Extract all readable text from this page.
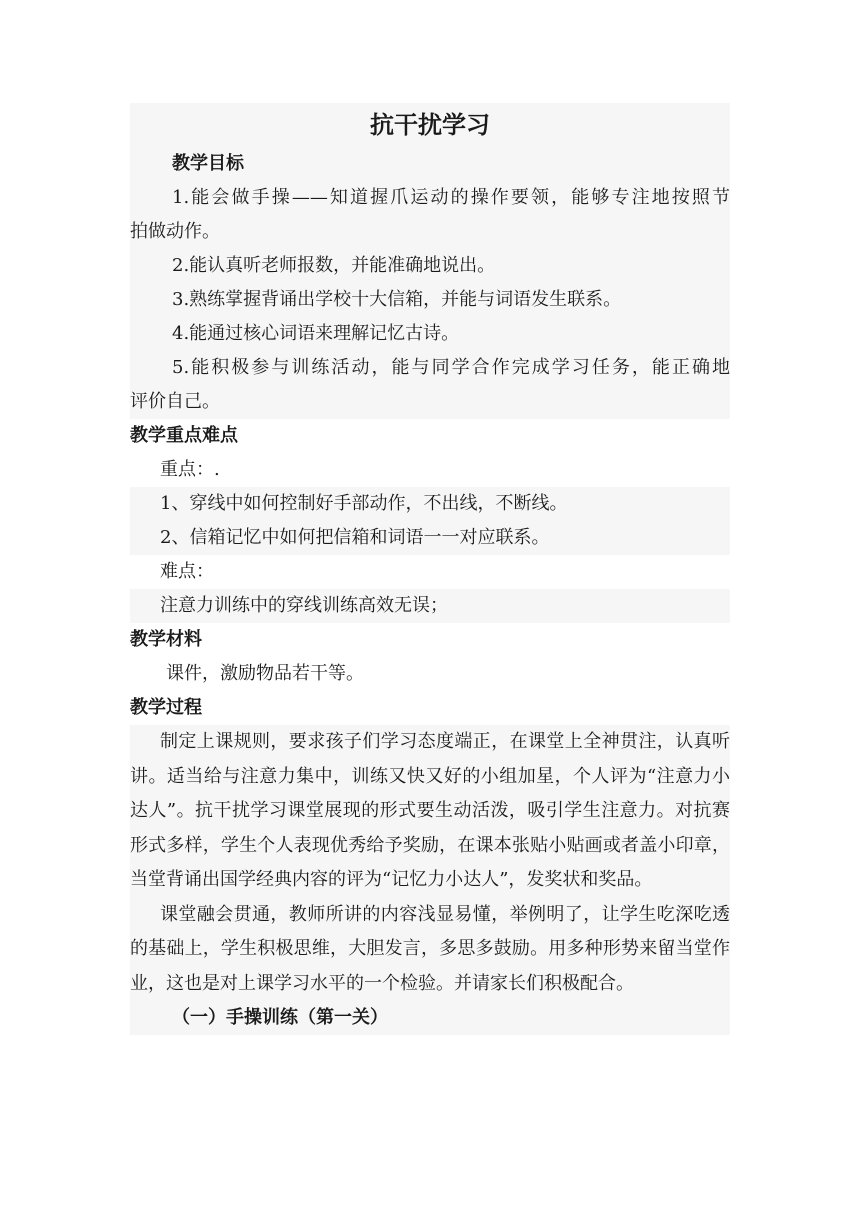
抗干扰学习
教学目标
1.能会做手操——知道握爪运动的操作要领，能够专注地按照节
拍做动作。
2.能认真听老师报数，并能准确地说出。
3.熟练掌握背诵出学校十大信箱，并能与词语发生联系。
4.能通过核心词语来理解记忆古诗。
5.能积极参与训练活动，能与同学合作完成学习任务，能正确地
评价自己。
教学重点难点
重点：.
1、穿线中如何控制好手部动作，不出线，不断线。
2、信箱记忆中如何把信箱和词语一一对应联系。
难点：
注意力训练中的穿线训练高效无误；
教学材料
课件，激励物品若干等。
教学过程
制定上课规则，要求孩子们学习态度端正，在课堂上全神贯注，认真听讲。适当给与注意力集中，训练又快又好的小组加星，个人评为“注意力小达人”。抗干扰学习课堂展现的形式要生动活泼，吸引学生注意力。对抗赛形式多样，学生个人表现优秀给予奖励，在课本张贴小贴画或者盖小印章，当堂背诵出国学经典内容的评为“记忆力小达人”，发奖状和奖品。
课堂融会贯通，教师所讲的内容浅显易懂，举例明了，让学生吃深吃透的基础上，学生积极思维，大胆发言，多思多鼓励。用多种形势来留当堂作业，这也是对上课学习水平的一个检验。并请家长们积极配合。
（一）手操训练（第一关）
